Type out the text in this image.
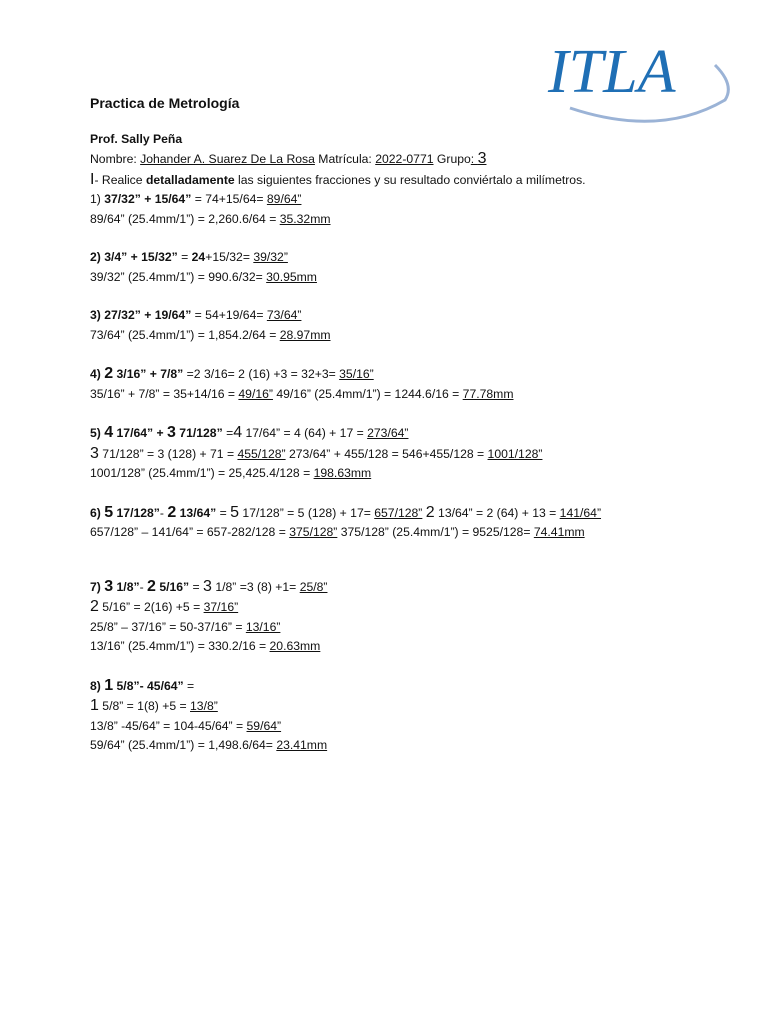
ITLA
Practica de Metrología
Prof. Sally Peña
Nombre: Johander A. Suarez De La Rosa Matrícula: 2022-0771 Grupo: 3
I- Realice detalladamente las siguientes fracciones y su resultado conviértalo a milímetros.
1) 37/32” + 15/64” = 74+15/64= 89/64”
89/64” (25.4mm/1”) = 2,260.6/64 = 35.32mm
2) 3/4” + 15/32” = 24+15/32= 39/32”
39/32” (25.4mm/1”) = 990.6/32= 30.95mm
3) 27/32” + 19/64” = 54+19/64= 73/64”
73/64” (25.4mm/1”) = 1,854.2/64 = 28.97mm
4) 2 3/16” + 7/8” =2 3/16= 2 (16) +3 = 32+3= 35/16”
35/16” + 7/8” = 35+14/16 = 49/16” 49/16” (25.4mm/1”) = 1244.6/16 = 77.78mm
5) 4 17/64” + 3 71/128” =4 17/64” = 4 (64) + 17 = 273/64”
3 71/128” = 3 (128) + 71 = 455/128” 273/64” + 455/128 = 546+455/128 = 1001/128”
1001/128” (25.4mm/1”) = 25,425.4/128 = 198.63mm
6) 5 17/128”- 2 13/64” = 5 17/128” = 5 (128) + 17= 657/128” 2 13/64” = 2 (64) + 13 = 141/64”
657/128” – 141/64” = 657-282/128 = 375/128” 375/128” (25.4mm/1”) = 9525/128= 74.41mm
7) 3 1/8”- 2 5/16” = 3 1/8” =3 (8) +1= 25/8”
2 5/16” = 2(16) +5 = 37/16”
25/8” – 37/16” = 50-37/16” = 13/16”
13/16” (25.4mm/1”) = 330.2/16 = 20.63mm
8) 1 5/8”- 45/64” =
1 5/8” = 1(8) +5 = 13/8”
13/8” -45/64” = 104-45/64” = 59/64”
59/64” (25.4mm/1”) = 1,498.6/64= 23.41mm
